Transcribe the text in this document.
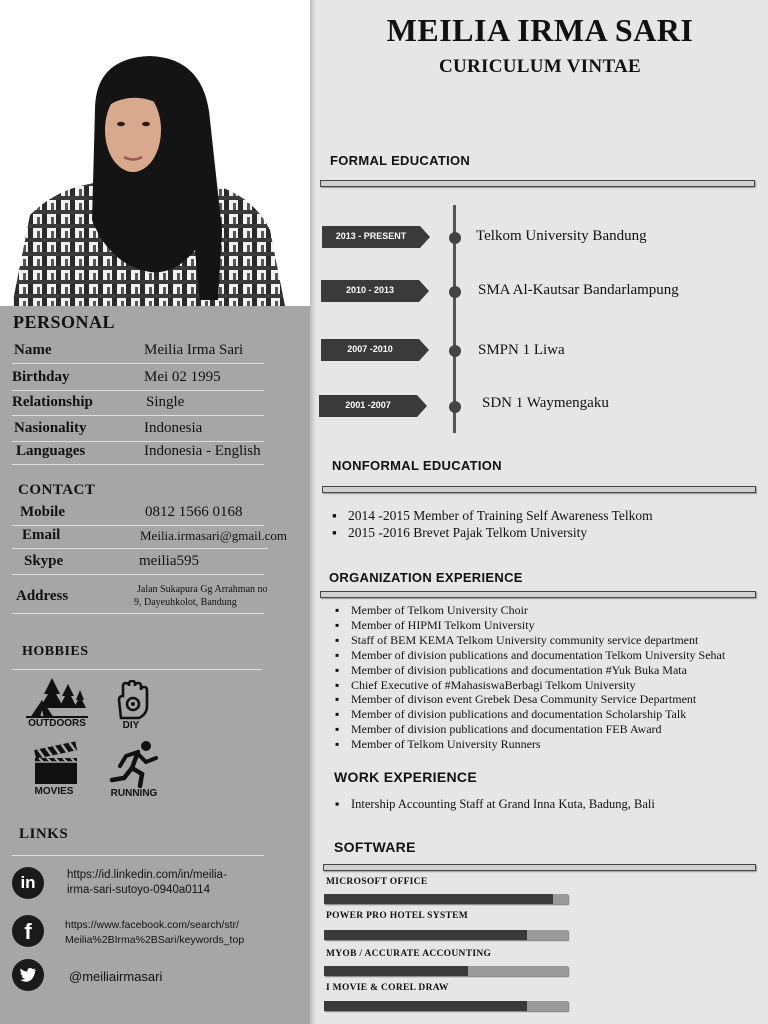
PERSONAL
Name	Meilia Irma Sari
Birthday	Mei 02 1995
Relationship	Single
Nasionality	Indonesia
Languages	Indonesia - English
CONTACT
Mobile	0812 1566 0168
Email	Meilia.irmasari@gmail.com
Skype	meilia595
Address	Jalan Sukapura Gg Arrahman no
9, Dayeuhkolot, Bandung
HOBBIES
OUTDOORS	DIY
MOVIES	RUNNING
LINKS
in	https://id.linkedin.com/in/meilia-
irma-sari-sutoyo-0940a0114
f	https://www.facebook.com/search/str/
Meilia%2BIrma%2BSari/keywords_top
@meiliairmasari
MEILIA IRMA SARI
CURICULUM VINTAE
FORMAL EDUCATION
2013 - PRESENT	Telkom University Bandung
2010 - 2013	SMA Al-Kautsar Bandarlampung
2007 -2010	SMPN 1 Liwa
2001 -2007	SDN 1 Waymengaku
NONFORMAL EDUCATION
▪ 2014 -2015 Member of Training Self Awareness Telkom
▪ 2015 -2016 Brevet Pajak Telkom University
ORGANIZATION EXPERIENCE
▪ Member of Telkom University Choir
▪ Member of HIPMI Telkom University
▪ Staff of BEM KEMA Telkom University community service department
▪ Member of division publications and documentation Telkom University Sehat
▪ Member of division publications and documentation #Yuk Buka Mata
▪ Chief Executive of #MahasiswaBerbagi Telkom University
▪ Member of divison event Grebek Desa Community Service Department
▪ Member of division publications and documentation Scholarship Talk
▪ Member of division publications and documentation FEB Award
▪ Member of Telkom University Runners
WORK EXPERIENCE
▪ Intership Accounting Staff at Grand Inna Kuta, Badung, Bali
SOFTWARE
MICROSOFT OFFICE
POWER PRO HOTEL SYSTEM
MYOB / ACCURATE ACCOUNTING
I MOVIE & COREL DRAW
